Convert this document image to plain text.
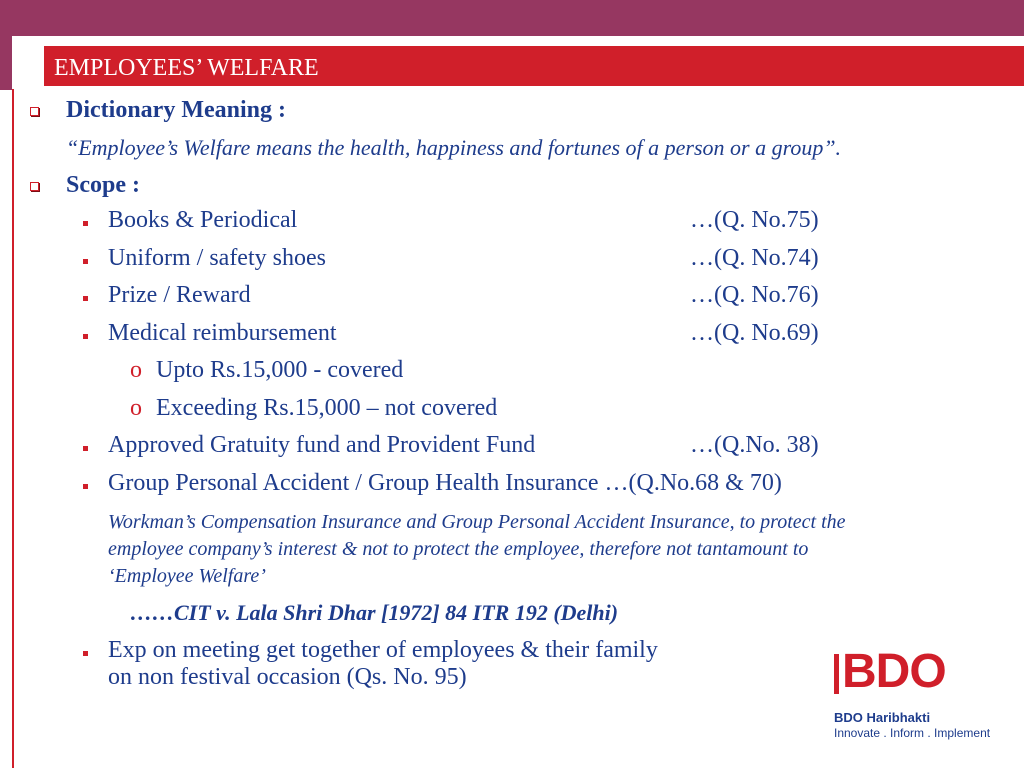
EMPLOYEES’ WELFARE
Dictionary Meaning :
“Employee’s Welfare means the health, happiness and fortunes of a person or a group”.
Scope :
Books & Periodical	…(Q. No.75)
Uniform / safety shoes	…(Q. No.74)
Prize / Reward	…(Q. No.76)
Medical reimbursement	…(Q. No.69)
o Upto Rs.15,000 - covered
o Exceeding Rs.15,000 – not covered
Approved Gratuity fund and Provident Fund	…(Q.No. 38)
Group Personal Accident / Group Health Insurance …(Q.No.68 & 70)
Workman’s Compensation Insurance and Group Personal Accident Insurance, to protect the
employee company’s interest & not to protect the employee, therefore not tantamount to
‘Employee Welfare’
……CIT v. Lala Shri Dhar [1972] 84 ITR 192 (Delhi)
Exp on meeting get together of employees & their family
on non festival occasion (Qs. No. 95)	BDO
BDO Haribhakti
Innovate . Inform . Implement
